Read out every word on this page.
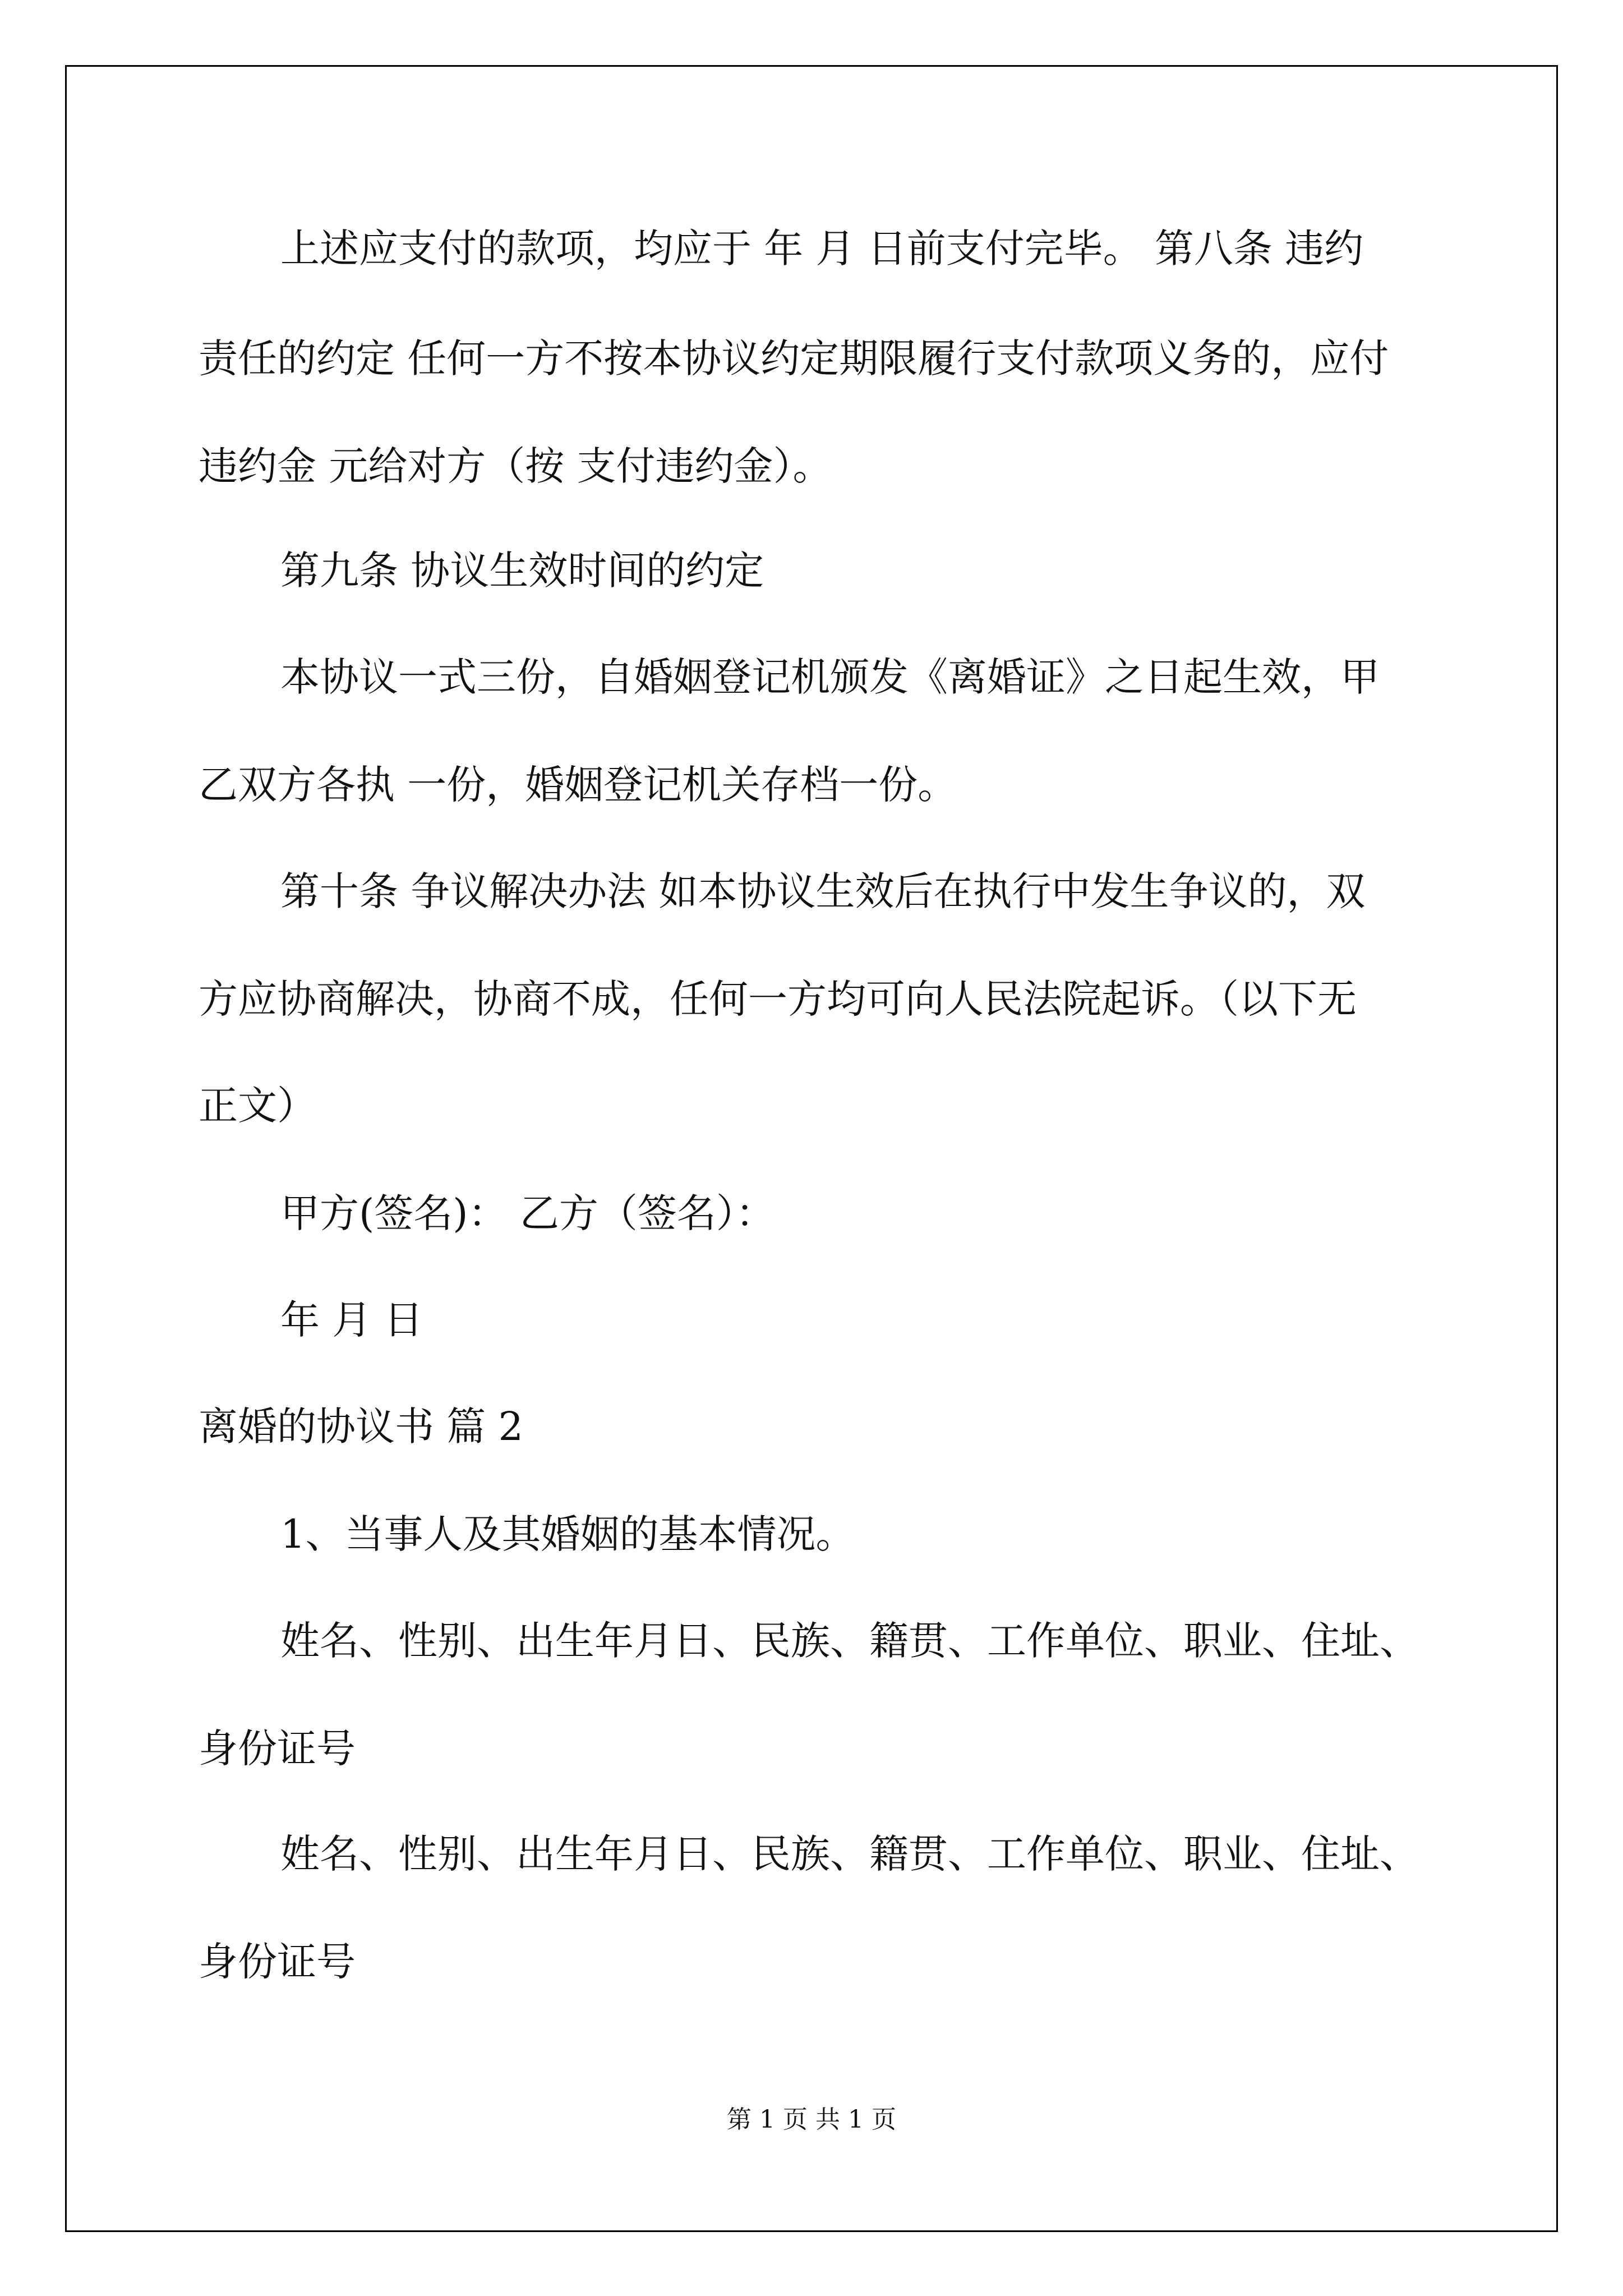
上述应支付的款项，均应于 年 月 日前支付完毕。 第八条 违约
责任的约定 任何一方不按本协议约定期限履行支付款项义务的，应付
违约金 元给对方（按 支付违约金）。
第九条 协议生效时间的约定
本协议一式三份，自婚姻登记机颁发《离婚证》之日起生效，甲
乙双方各执 一份，婚姻登记机关存档一份。
第十条 争议解决办法 如本协议生效后在执行中发生争议的，双
方应协商解决，协商不成，任何一方均可向人民法院起诉。（以下无
正文）
甲方(签名)： 乙方（签名）：
年 月 日
离婚的协议书 篇 2
1、当事人及其婚姻的基本情况。
姓名、性别、出生年月日、民族、籍贯、工作单位、职业、住址、
身份证号
姓名、性别、出生年月日、民族、籍贯、工作单位、职业、住址、
身份证号
第 1 页 共 1 页
